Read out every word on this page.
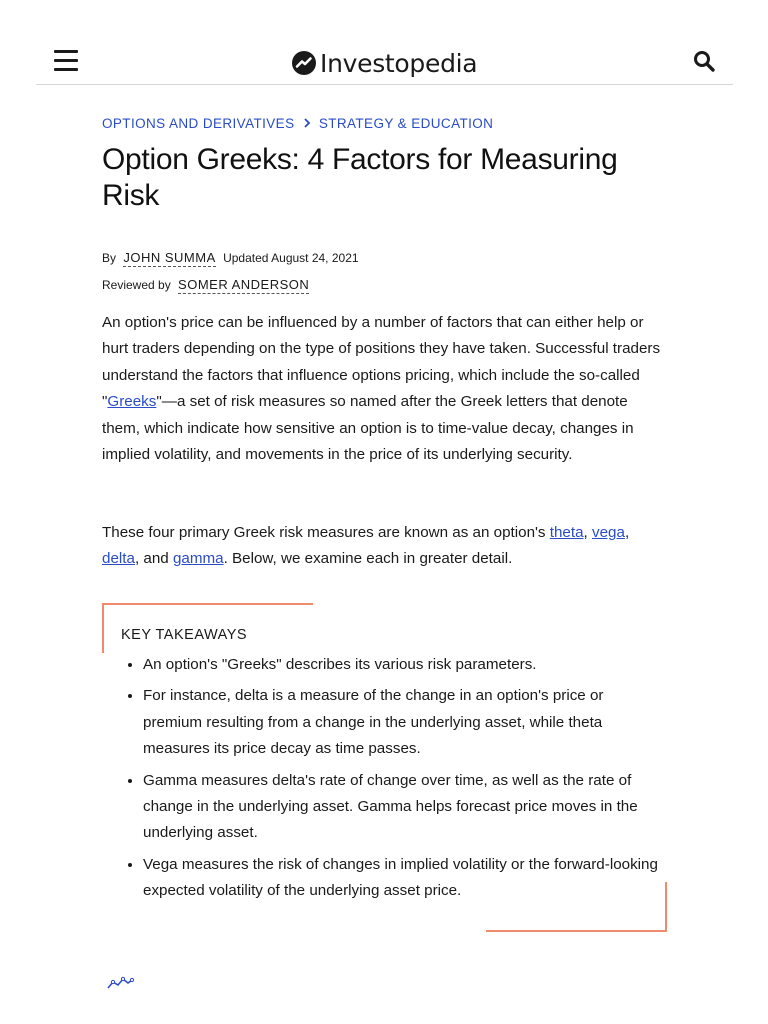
Investopedia
OPTIONS AND DERIVATIVES STRATEGY & EDUCATION
Option Greeks: 4 Factors for Measuring Risk
By JOHN SUMMA Updated August 24, 2021
Reviewed by SOMER ANDERSON

An option's price can be influenced by a number of factors that can either help or hurt traders depending on the type of positions they have taken. Successful traders understand the factors that influence options pricing, which include the so-called "Greeks"—a set of risk measures so named after the Greek letters that denote them, which indicate how sensitive an option is to time-value decay, changes in implied volatility, and movements in the price of its underlying security.

These four primary Greek risk measures are known as an option's theta, vega, delta, and gamma. Below, we examine each in greater detail.

KEY TAKEAWAYS
• An option's "Greeks" describes its various risk parameters.
• For instance, delta is a measure of the change in an option's price or premium resulting from a change in the underlying asset, while theta measures its price decay as time passes.
• Gamma measures delta's rate of change over time, as well as the rate of change in the underlying asset. Gamma helps forecast price moves in the underlying asset.
• Vega measures the risk of changes in implied volatility or the forward-looking expected volatility of the underlying asset price.
